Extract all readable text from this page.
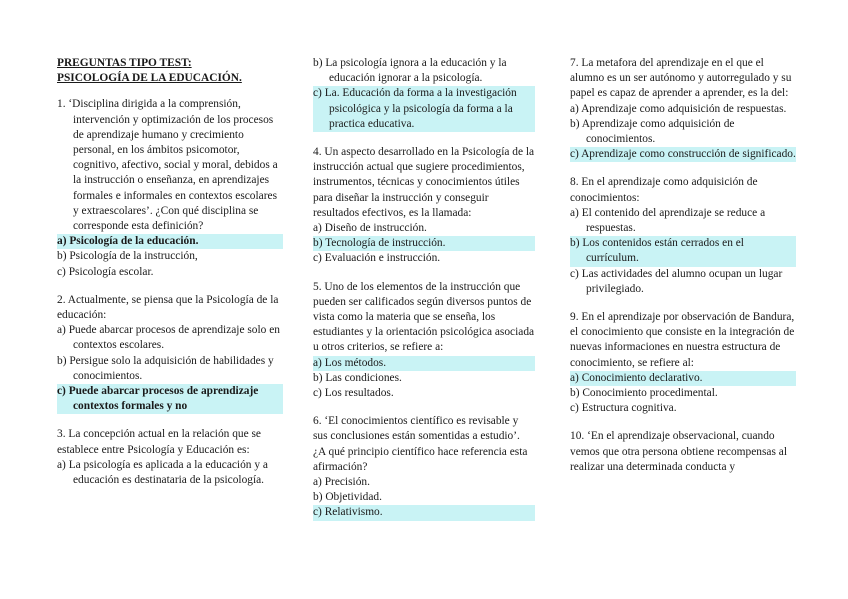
PREGUNTAS TIPO TEST:
PSICOLOGÍA DE LA EDUCACIÓN.
1. ‘Disciplina dirigida a la comprensión, intervención y optimización de los procesos de aprendizaje humano y crecimiento personal, en los ámbitos psicomotor, cognitivo, afectivo, social y moral, debidos a la instrucción o enseñanza, en aprendizajes formales e informales en contextos escolares y extraescolares’. ¿Con qué disciplina se corresponde esta definición?
a) Psicología de la educación.
b) Psicología de la instrucción,
c) Psicología escolar.
2. Actualmente, se piensa que la Psicología de la educación:
a) Puede abarcar procesos de aprendizaje solo en contextos escolares.
b) Persigue solo la adquisición de habilidades y conocimientos.
c) Puede abarcar procesos de aprendizaje contextos formales y no
3. La concepción actual en la relación que se establece entre Psicología y Educación es:
a) La psicología es aplicada a la educación y a educación es destinataria de la psicología.
b) La psicología ignora a la educación y la educación ignorar a la psicología.
c) La. Educación da forma a la investigación psicológica y la psicología da forma a la practica educativa.
4. Un aspecto desarrollado en la Psicología de la instrucción actual que sugiere procedimientos, instrumentos, técnicas y conocimientos útiles para diseñar la instrucción y conseguir resultados efectivos, es la llamada:
a) Diseño de instrucción.
b) Tecnología de instrucción.
c) Evaluación e instrucción.
5. Uno de los elementos de la instrucción que pueden ser calificados según diversos puntos de vista como la materia que se enseña, los estudiantes y la orientación psicológica asociada u otros criterios, se refiere a:
a) Los métodos.
b) Las condiciones.
c) Los resultados.
6. ‘El conocimientos científico es revisable y sus conclusiones están somentidas a estudio’. ¿A qué principio científico hace referencia esta afirmación?
a) Precisión.
b) Objetividad.
c) Relativismo.
7. La metafora del aprendizaje en el que el alumno es un ser autónomo y autorregulado y su papel es capaz de aprender a aprender, es la del:
a) Aprendizaje como adquisición de respuestas.
b) Aprendizaje como adquisición de conocimientos.
c) Aprendizaje como construcción de significado.
8. En el aprendizaje como adquisición de conocimientos:
a) El contenido del aprendizaje se reduce a respuestas.
b) Los contenidos están cerrados en el currículum.
c) Las actividades del alumno ocupan un lugar privilegiado.
9. En el aprendizaje por observación de Bandura, el conocimiento que consiste en la integración de nuevas informaciones en nuestra estructura de conocimiento, se refiere al:
a) Conocimiento declarativo.
b) Conocimiento procedimental.
c) Estructura cognitiva.
10. ‘En el aprendizaje observacional, cuando vemos que otra persona obtiene recompensas al realizar una determinada conducta y
